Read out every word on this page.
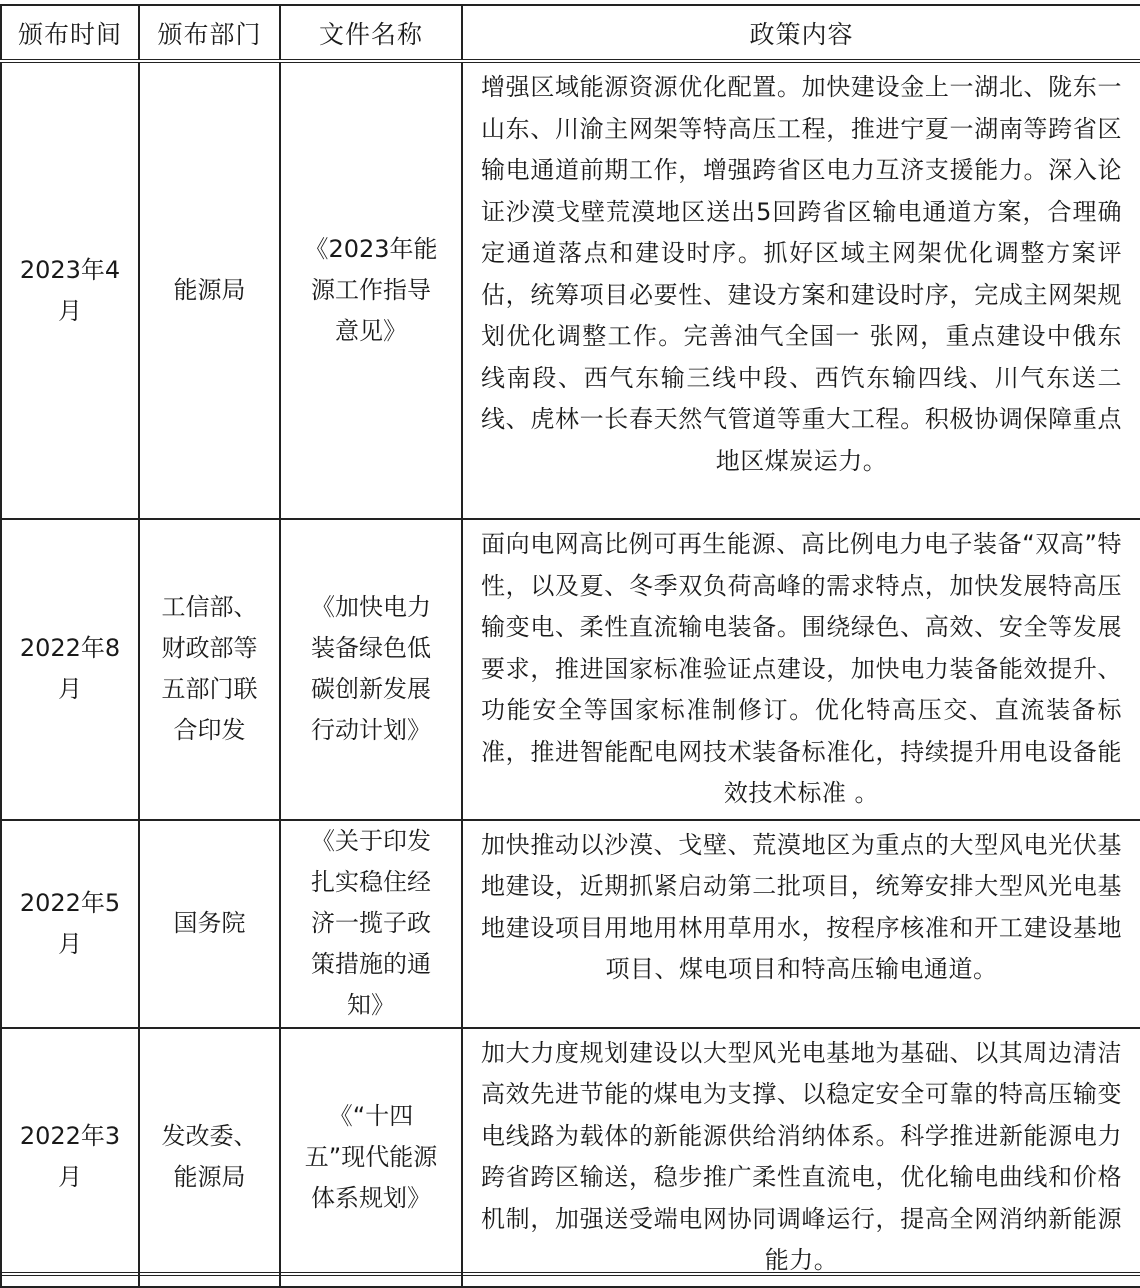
颁布时间	颁布部门	文件名称	政策内容

2023年4月	能源局	《2023年能源工作指导意见》	增强区域能源资源优化配置。加快建设金上一湖北、陇东一山东、川渝主网架等特高压工程，推进宁夏一湖南等跨省区输电通道前期工作，增强跨省区电力互济支援能力。深入论证沙漠戈壁荒漠地区送出5回跨省区输电通道方案，合理确定通道落点和建设时序。抓好区域主网架优化调整方案评估，统筹项目必要性、建设方案和建设时序，完成主网架规划优化调整工作。完善油气全国一 张网，重点建设中俄东线南段、西气东输三线中段、西饩东输四线、川气东送二线、虎林一长春天然气管道等重大工程。积极协调保障重点地区煤炭运力。

2022年8月	工信部、财政部等五部门联合印发	《加快电力装备绿色低碳创新发展行动计划》	面向电网高比例可再生能源、高比例电力电子装备“双高”特性，以及夏、冬季双负荷高峰的需求特点，加快发展特高压输变电、柔性直流输电装备。围绕绿色、高效、安全等发展要求，推进国家标准验证点建设，加快电力装备能效提升、功能安全等国家标准制修订。优化特高压交、直流装备标准，推进智能配电网技术装备标准化，持续提升用电设备能效技术标准 。

2022年5月	国务院	《关于印发扎实稳住经济一揽子政策措施的通知》	加快推动以沙漠、戈壁、荒漠地区为重点的大型风电光伏基地建设，近期抓紧启动第二批项目，统筹安排大型风光电基地建设项目用地用林用草用水，按程序核准和开工建设基地项目、煤电项目和特高压输电通道。

2022年3月	发改委、能源局	《“十四五”现代能源体系规划》	加大力度规划建设以大型风光电基地为基础、以其周边清洁高效先进节能的煤电为支撑、以稳定安全可靠的特高压输变电线路为载体的新能源供给消纳体系。科学推进新能源电力跨省跨区输送，稳步推广柔性直流电，优化输电曲线和价格机制，加强送受端电网协同调峰运行，提高全网消纳新能源能力。
